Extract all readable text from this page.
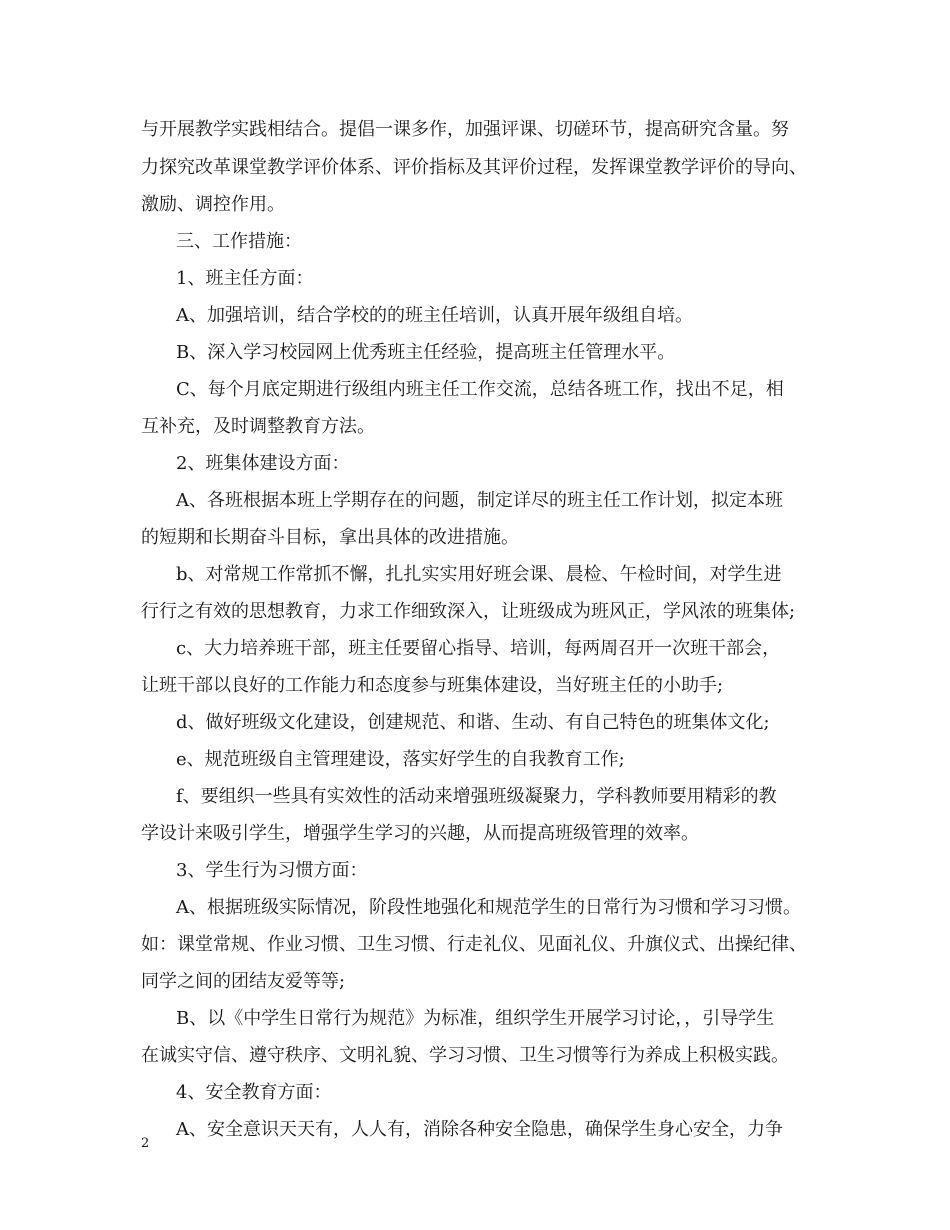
与开展教学实践相结合。提倡一课多作，加强评课、切磋环节，提高研究含量。努
力探究改革课堂教学评价体系、评价指标及其评价过程，发挥课堂教学评价的导向、
激励、调控作用。
三、工作措施：
1、班主任方面：
A、加强培训，结合学校的的班主任培训，认真开展年级组自培。
B、深入学习校园网上优秀班主任经验，提高班主任管理水平。
C、每个月底定期进行级组内班主任工作交流，总结各班工作，找出不足，相
互补充，及时调整教育方法。
2、班集体建设方面：
A、各班根据本班上学期存在的问题，制定详尽的班主任工作计划，拟定本班
的短期和长期奋斗目标，拿出具体的改进措施。
b、对常规工作常抓不懈，扎扎实实用好班会课、晨检、午检时间，对学生进
行行之有效的思想教育，力求工作细致深入，让班级成为班风正，学风浓的班集体;
c、大力培养班干部，班主任要留心指导、培训，每两周召开一次班干部会，
让班干部以良好的工作能力和态度参与班集体建设，当好班主任的小助手;
d、做好班级文化建设，创建规范、和谐、生动、有自己特色的班集体文化;
e、规范班级自主管理建设，落实好学生的自我教育工作;
f、要组织一些具有实效性的活动来增强班级凝聚力，学科教师要用精彩的教
学设计来吸引学生，增强学生学习的兴趣，从而提高班级管理的效率。
3、学生行为习惯方面：
A、根据班级实际情况，阶段性地强化和规范学生的日常行为习惯和学习习惯。
如：课堂常规、作业习惯、卫生习惯、行走礼仪、见面礼仪、升旗仪式、出操纪律、
同学之间的团结友爱等等;
B、以《中学生日常行为规范》为标准，组织学生开展学习讨论，，引导学生
在诚实守信、遵守秩序、文明礼貌、学习习惯、卫生习惯等行为养成上积极实践。
4、安全教育方面：
A、安全意识天天有，人人有，消除各种安全隐患，确保学生身心安全，力争
2
